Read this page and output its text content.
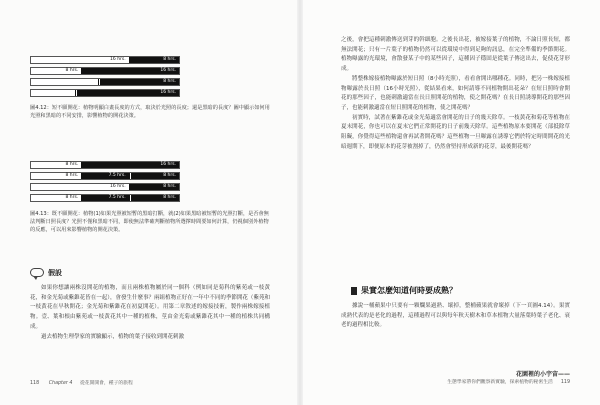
16 hrs.	8 hrs.
8 hrs.	16 hrs.
8 hrs.
16 hrs.
圖4.12：短不願開花：植物明顯白畫長度的方式，取決於光照的長度；還是黑暗的長度？圖中顯示如何用光照和黑暗的不同安排，影響植物的開花決策。
8 hrs.	16 hrs.
8 hrs.	7.5 hrs.	8 hrs.
16 hrs.	8 hrs.
8 hrs.	7.5 hrs.	8 hrs.
圖4.13：既不願開花：植物(1)如果光照被短暫的黑暗打斷，就(2)如果黑暗被短暫的光照打斷，是否會無法判斷日照長度？光照不僅和黑暗不同，即使無法準確判斷植物所選擇時間要如何計算，仍視個別外植物的反應，可以用來影響植物的開花決策。
假設

如果你想讓兩株沒開花的植物，而且兩株植物屬於同一個科（例如同是菊科的紫苑或一枝黃花，和金光菊或紫錐花皆在一起），會發生什麼事？兩組植物正好在一年中不同的季節開花（紫苑和一枝黃花在早秋開花；金光菊和紫錐花在初夏開花）。用第二章敘述的嫁接技術，製作兩株嫁接植物。壹、葉和根由紫苑或一枝黃花其中一種的植株，莖由金光菊或紫錐花其中一種的植株共同構成。

過去植物生理學家的實驗顯示，植物的葉子接收到開花刺激

118 Chapter 4 從花開開會，種子的旅程

之後，會把這種刺激傳送到芽的幹細胞。之後長出花，被嫁接葉子的植物，不論日照長短，都無法開花；只有一片葉子的植物仍然可以從環境中得到足夠的訊息，在完全準備的季節開花。植物曝露的光環境，會散發某子中的某些因子，這種因子穩固是從葉子傳送出去，促使花芽形成。

將整株嫁接植物曝露於短日照（8小時光照），看看會開出哪種花。同時，把另一株嫁接植物曝露於長日照（16小時光照），從結果看來，如何請導不同植物開出花朵？在短日照時會開花的那些因子，也能刺激適當在長日照開花的植物，使之開花嗎？在長日照誘導開花的那些因子，也能刺激適當在短日照開花的植物，使之開花嗎？

初實時，試著在紫錐花或金光菊適當會開花的日子的幾天除草。一枝黃花和菊花等植物在夏末開花，你也可以在夏末它們正常開花的日子前幾天除草。這些植物原本要開花（部抵除草阻礙，你覺得這些植物還會再試著開花嗎？這些植物一旦曝露在誘導它們於特定時間開花的光暗週期下，即便原本的花芽被割掉了，仍然會堅持形成新的花芽，最後開花嗎？

果實怎麼知道何時要成熟？

據說一桶蘋果中只要有一顆爛果過熟、壞掉，整桶蘋果就會壞掉（下一頁圖4.14）。果實成熟代表的是老化的過程，這種過程可以與每年秋天樹木和草本植物大量落葉時葉子老化、衰老的過程相比較。

花園裡的小宇宙——
生態學家帶你們觀察新實驗，探索植物的秘密生活 119
